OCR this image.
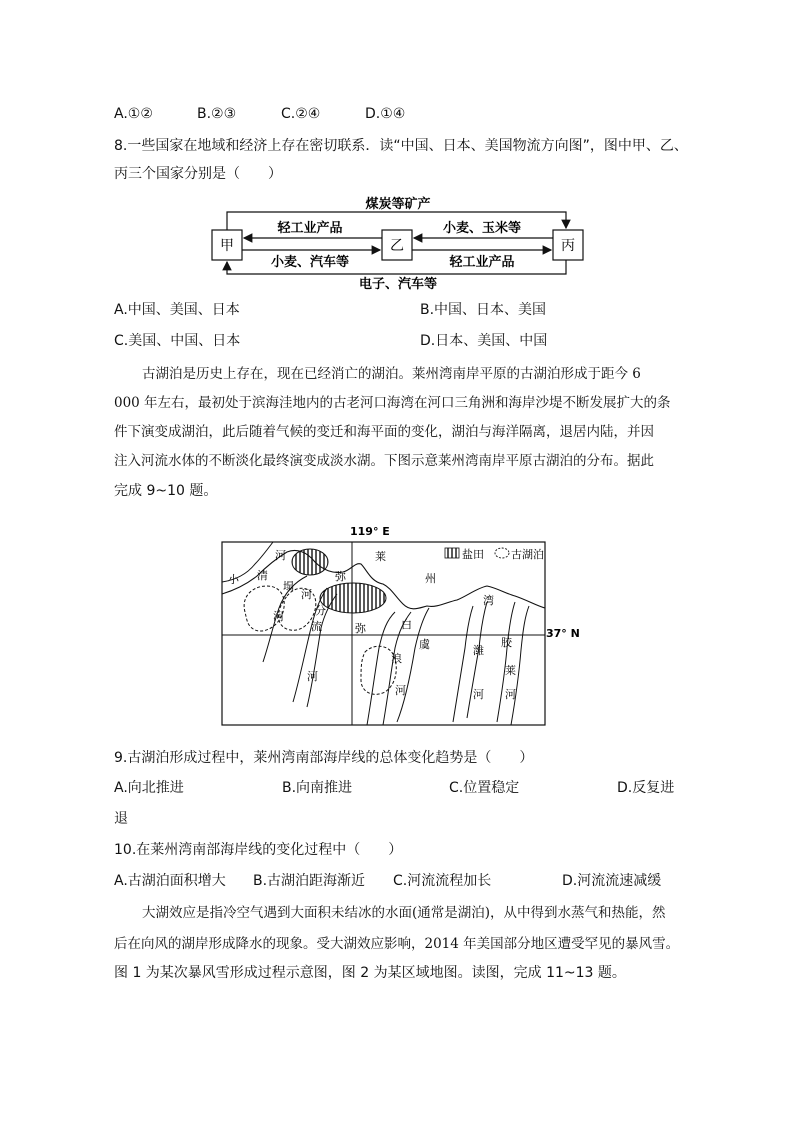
A.①②	B.②③	C.②④	D.①④
8.一些国家在地域和经济上存在密切联系．读“中国、日本、美国物流方向图”，图中甲、乙、
丙三个国家分别是（　　）
煤炭等矿产
电子、汽车等
甲	乙	丙
轻工业产品
小麦、汽车等
小麦、玉米等
轻工业产品
A.中国、美国、日本	B.中国、日本、美国
C.美国、中国、日本	D.日本、美国、中国
古湖泊是历史上存在，现在已经消亡的湖泊。莱州湾南岸平原的古湖泊形成于距今 6
000 年左右，最初处于滨海洼地内的古老河口海湾在河口三角洲和海岸沙堤不断发展扩大的条
件下演变成湖泊，此后随着气候的变迁和海平面的变化，湖泊与海洋隔离，退居内陆，并因
注入河流水体的不断淡化最终演变成淡水湖。下图示意莱州湾南岸平原古湖泊的分布。据此
完成 9~10 题。
119° E
37° N
盐田 古湖泊
河
清
小
塌
河
河
分
流
弥
弥
河
莱
州
湾
白
虞
浪
河
潍
河
胶
莱
河
9.古湖泊形成过程中，莱州湾南部海岸线的总体变化趋势是（　　）
A.向北推进	B.向南推进	C.位置稳定	D.反复进
退
10.在莱州湾南部海岸线的变化过程中（　　）
A.古湖泊面积增大 B.古湖泊距海渐近 C.河流流程加长	D.河流流速减缓
大湖效应是指冷空气遇到大面积未结冰的水面(通常是湖泊)，从中得到水蒸气和热能，然
后在向风的湖岸形成降水的现象。受大湖效应影响，2014 年美国部分地区遭受罕见的暴风雪。
图 1 为某次暴风雪形成过程示意图，图 2 为某区域地图。读图，完成 11~13 题。
